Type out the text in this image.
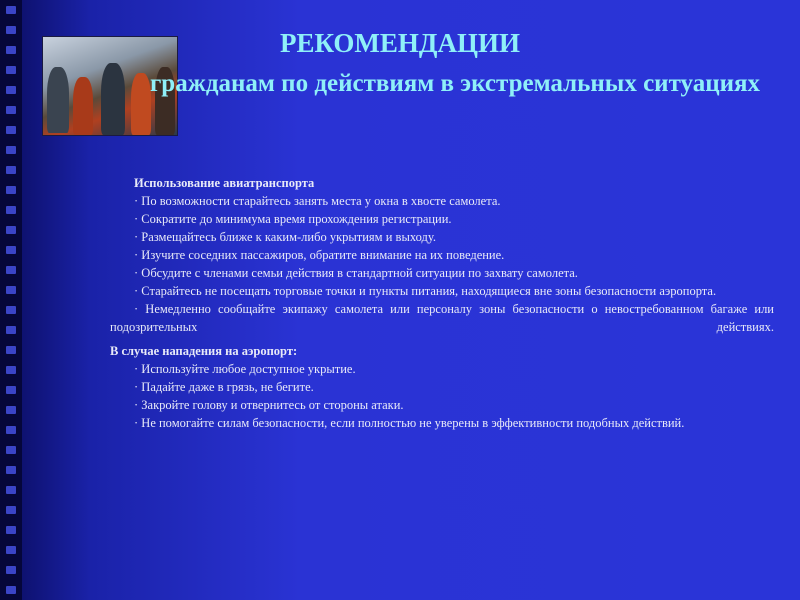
РЕКОМЕНДАЦИИ
гражданам по действиям в экстремальных ситуациях
Использование авиатранспорта
· По возможности старайтесь занять места у окна в хвосте самолета.
· Сократите до минимума время прохождения регистрации.
· Размещайтесь ближе к каким-либо укрытиям и выходу.
· Изучите соседних пассажиров, обратите внимание на их поведение.
· Обсудите с членами семьи действия в стандартной ситуации по захвату самолета.
· Старайтесь не посещать торговые точки и пункты питания, находящиеся вне зоны безопасности аэропорта.
· Немедленно сообщайте экипажу самолета или персоналу зоны безопасности о невостребованном багаже или подозрительных действиях.
В случае нападения на аэропорт:
· Используйте любое доступное укрытие.
· Падайте даже в грязь, не бегите.
· Закройте голову и отвернитесь от стороны атаки.
· Не помогайте силам безопасности, если полностью не уверены в эффективности подобных действий.
